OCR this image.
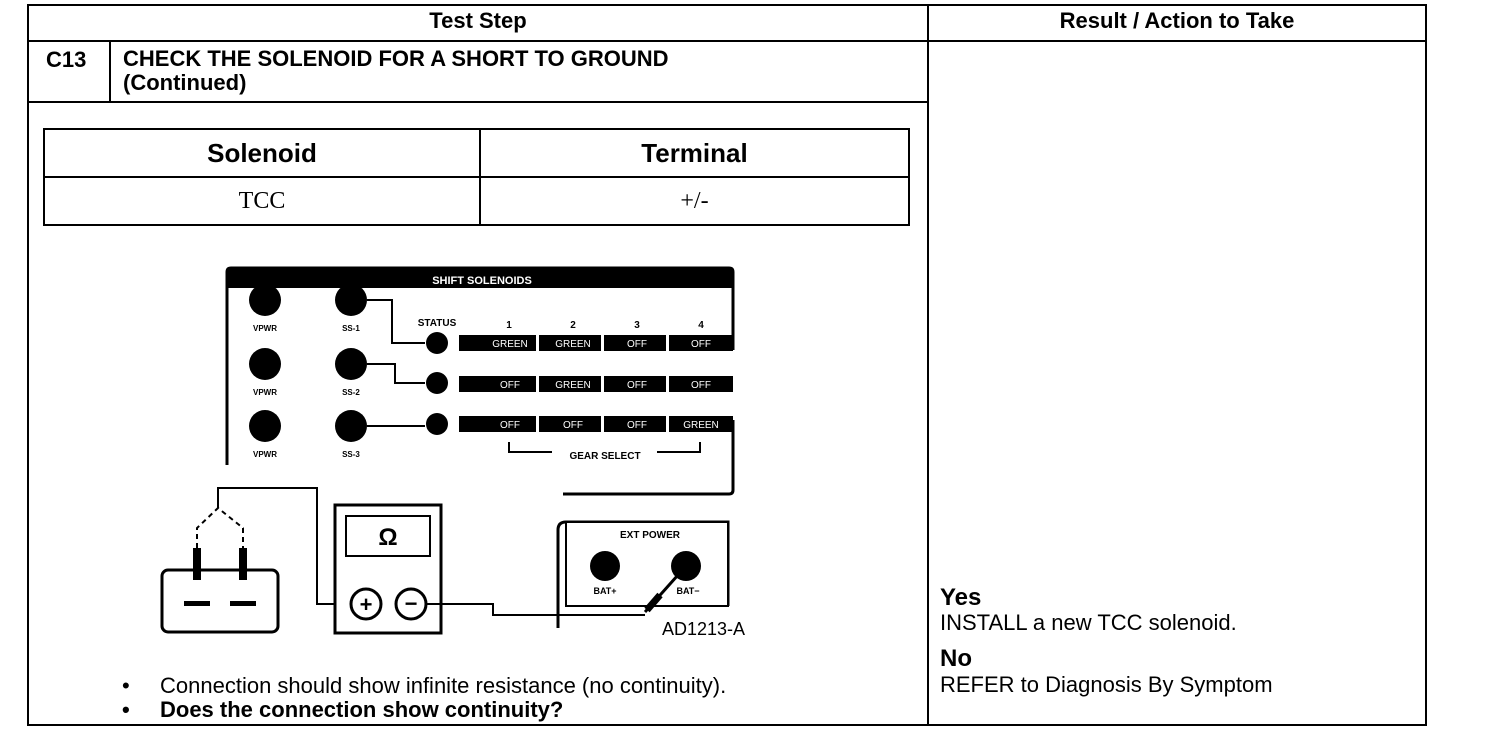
Test Step	Result / Action to Take
C13 CHECK THE SOLENOID FOR A SHORT TO GROUND
(Continued)
Solenoid	Terminal
TCC	+/-
SHIFT SOLENOIDS
VPWR	SS-1
VPWR	SS-2
VPWR	SS-3
STATUS	1	2	3	4
GREEN	GREEN	OFF	OFF
OFF	GREEN	OFF	OFF
OFF	OFF	OFF	GREEN
GEAR SELECT
Ω
+ −
EXT POWER
BAT+	BAT−
AD1213-A
• Connection should show infinite resistance (no continuity).
• Does the connection show continuity?
Yes
INSTALL a new TCC solenoid.
No
REFER to Diagnosis By Symptom
